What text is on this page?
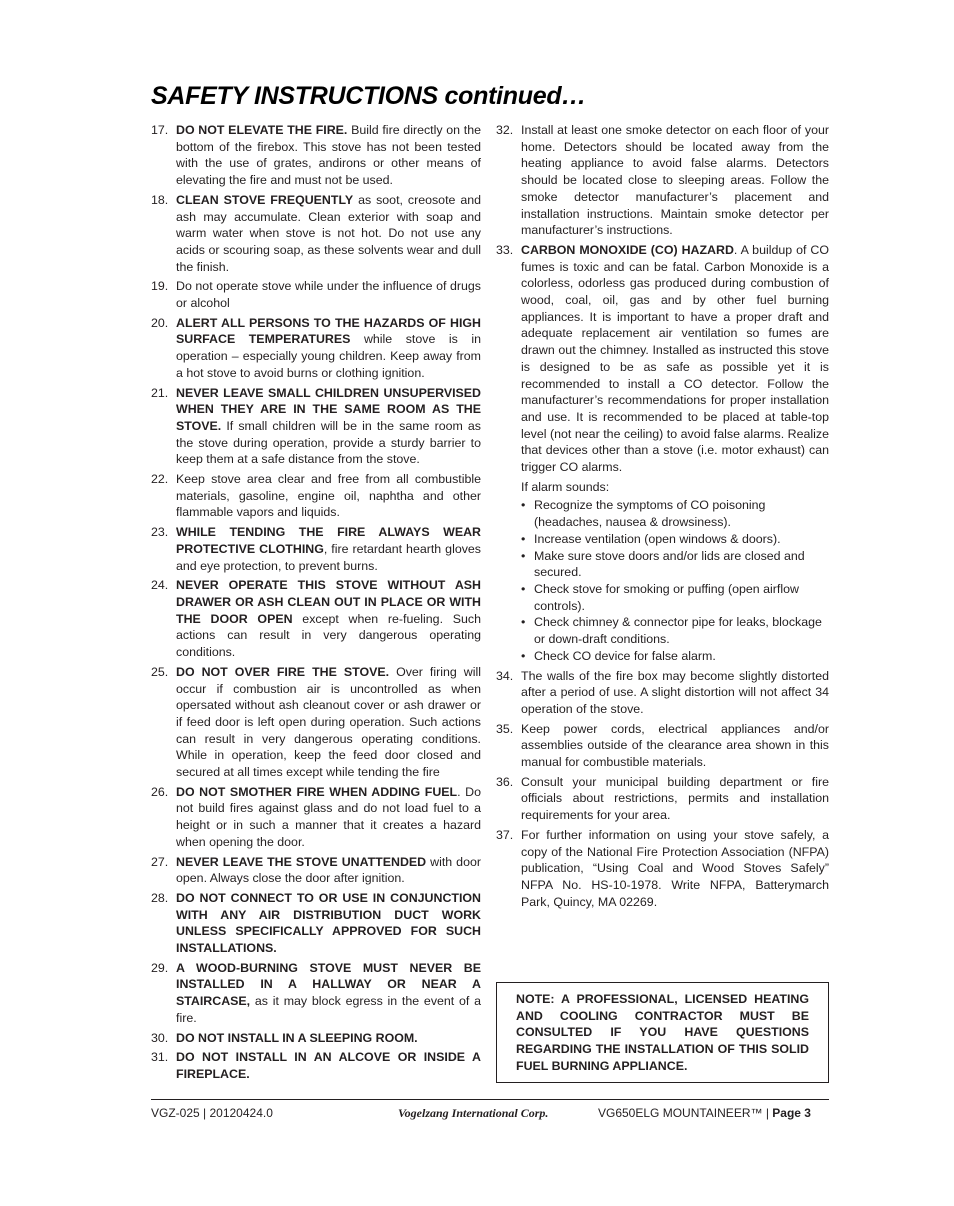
SAFETY INSTRUCTIONS continued…
17. DO NOT ELEVATE THE FIRE. Build fire directly on the bottom of the firebox. This stove has not been tested with the use of grates, andirons or other means of elevating the fire and must not be used.
18. CLEAN STOVE FREQUENTLY as soot, creosote and ash may accumulate. Clean exterior with soap and warm water when stove is not hot. Do not use any acids or scouring soap, as these solvents wear and dull the finish.
19. Do not operate stove while under the influence of drugs or alcohol
20. ALERT ALL PERSONS TO THE HAZARDS OF HIGH SURFACE TEMPERATURES while stove is in operation – especially young children. Keep away from a hot stove to avoid burns or clothing ignition.
21. NEVER LEAVE SMALL CHILDREN UNSUPERVISED WHEN THEY ARE IN THE SAME ROOM AS THE STOVE. If small children will be in the same room as the stove during operation, provide a sturdy barrier to keep them at a safe distance from the stove.
22. Keep stove area clear and free from all combustible materials, gasoline, engine oil, naphtha and other flammable vapors and liquids.
23. WHILE TENDING THE FIRE ALWAYS WEAR PROTECTIVE CLOTHING, fire retardant hearth gloves and eye protection, to prevent burns.
24. NEVER OPERATE THIS STOVE WITHOUT ASH DRAWER OR ASH CLEAN OUT IN PLACE OR WITH THE DOOR OPEN except when re-fueling. Such actions can result in very dangerous operating conditions.
25. DO NOT OVER FIRE THE STOVE. Over firing will occur if combustion air is uncontrolled as when opersated without ash cleanout cover or ash drawer or if feed door is left open during operation. Such actions can result in very dangerous operating conditions. While in operation, keep the feed door closed and secured at all times except while tending the fire
26. DO NOT SMOTHER FIRE WHEN ADDING FUEL. Do not build fires against glass and do not load fuel to a height or in such a manner that it creates a hazard when opening the door.
27. NEVER LEAVE THE STOVE UNATTENDED with door open. Always close the door after ignition.
28. DO NOT CONNECT TO OR USE IN CONJUNCTION WITH ANY AIR DISTRIBUTION DUCT WORK UNLESS SPECIFICALLY APPROVED FOR SUCH INSTALLATIONS.
29. A WOOD-BURNING STOVE MUST NEVER BE INSTALLED IN A HALLWAY OR NEAR A STAIRCASE, as it may block egress in the event of a fire.
30. DO NOT INSTALL IN A SLEEPING ROOM.
31. DO NOT INSTALL IN AN ALCOVE OR INSIDE A FIREPLACE.
32. Install at least one smoke detector on each floor of your home. Detectors should be located away from the heating appliance to avoid false alarms. Detectors should be located close to sleeping areas. Follow the smoke detector manufacturer’s placement and installation instructions. Maintain smoke detector per manufacturer’s instructions.
33. CARBON MONOXIDE (CO) HAZARD. A buildup of CO fumes is toxic and can be fatal. Carbon Monoxide is a colorless, odorless gas produced during combustion of wood, coal, oil, gas and by other fuel burning appliances. It is important to have a proper draft and adequate replacement air ventilation so fumes are drawn out the chimney. Installed as instructed this stove is designed to be as safe as possible yet it is recommended to install a CO detector. Follow the manufacturer’s recommendations for proper installation and use. It is recommended to be placed at table-top level (not near the ceiling) to avoid false alarms. Realize that devices other than a stove (i.e. motor exhaust) can trigger CO alarms.
If alarm sounds:
• Recognize the symptoms of CO poisoning (headaches, nausea & drowsiness).
• Increase ventilation (open windows & doors).
• Make sure stove doors and/or lids are closed and secured.
• Check stove for smoking or puffing (open airflow controls).
• Check chimney & connector pipe for leaks, blockage or down-draft conditions.
• Check CO device for false alarm.
34. The walls of the fire box may become slightly distorted after a period of use. A slight distortion will not affect 34 operation of the stove.
35. Keep power cords, electrical appliances and/or assemblies outside of the clearance area shown in this manual for combustible materials.
36. Consult your municipal building department or fire officials about restrictions, permits and installation requirements for your area.
37. For further information on using your stove safely, a copy of the National Fire Protection Association (NFPA) publication, “Using Coal and Wood Stoves Safely” NFPA No. HS-10-1978. Write NFPA, Batterymarch Park, Quincy, MA 02269.
NOTE: A PROFESSIONAL, LICENSED HEATING AND COOLING CONTRACTOR MUST BE CONSULTED IF YOU HAVE QUESTIONS REGARDING THE INSTALLATION OF THIS SOLID FUEL BURNING APPLIANCE.
VGZ-025 | 20120424.0	Vogelzang International Corp.	VG650ELG MOUNTAINEER™ | Page 3
